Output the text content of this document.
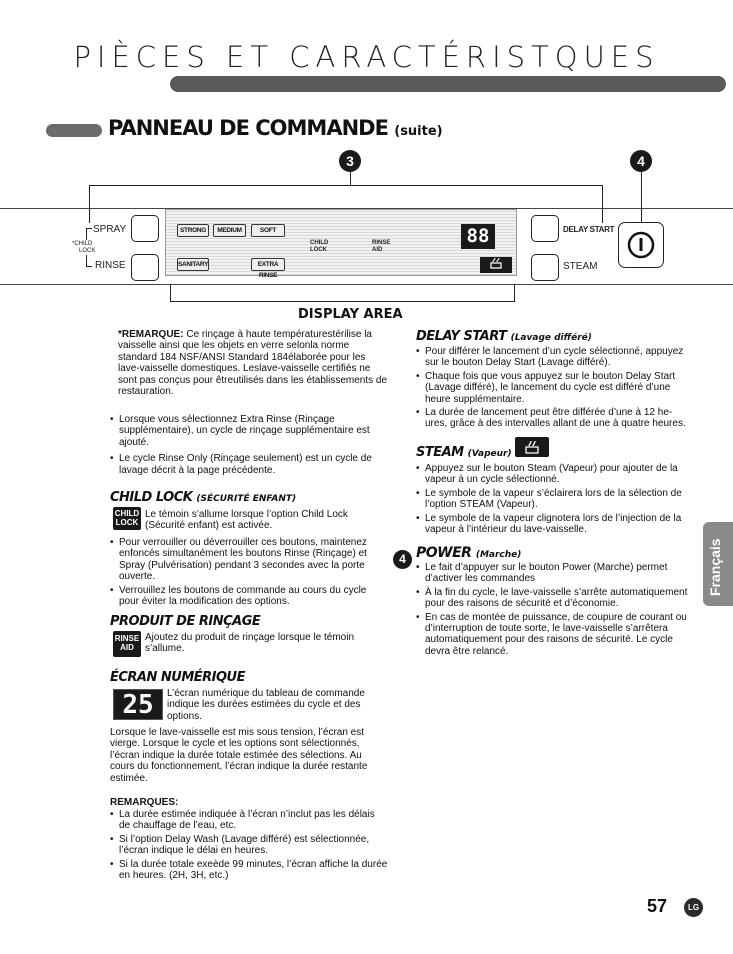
PIÈCES ET CARACTÉRISTQUES
PANNEAU DE COMMANDE (suite)
3	4
DISPLAY AREA
SPRAY
RINSE
*CHILD
LOCK
STRONG	MEDIUM	SOFT
SANITARY	EXTRA RINSE
CHILD LOCK
RINSE AID
88	DELAY START
STEAM
*REMARQUE: Ce rinçage à haute températurestérilise la vaisselle ainsi que les objets en verre selonla norme standard 184 NSF/ANSI Standard 184élaborée pour les lave-vaisselle domestiques. Leslave-vaisselle certifiés ne sont pas conçus pour êtreutilisés dans les établissements de restauration.
• Lorsque vous sélectionnez Extra Rinse (Rinçage supplémentaire), un cycle de rinçage supplémentaire est ajouté.
• Le cycle Rinse Only (Rinçage seulement) est un cycle de lavage décrit à la page précédente.
CHILD LOCK (SÉCURITÉ ENFANT)
CHILD LOCK
Le témoin s’allume lorsque l’option Child Lock (Sécurité enfant) est activée.
• Pour verrouiller ou déverrouiller ces boutons, maintenez enfoncés simultanément les boutons Rinse (Rinçage) et Spray (Pulvérisation) pendant 3 secondes avec la porte ouverte.
• Verrouillez les boutons de commande au cours du cycle pour éviter la modification des options.
PRODUIT DE RINÇAGE
RINSE AID
Ajoutez du produit de rinçage lorsque le témoin s’allume.
ÉCRAN NUMÉRIQUE
25	L’écran numérique du tableau de commande indique les durées estimées du cycle et des options.
Lorsque le lave-vaisselle est mis sous tension, l’écran est vierge. Lorsque le cycle et les options sont sélectionnés, l’écran indique la durée totale estimée des sélections. Au cours du fonctionnement, l’écran indique la durée restante estimée.
REMARQUES:
• La durée estimée indiquée à l’écran n’inclut pas les délais de chauffage de l’eau, etc.
• Si l’option Delay Wash (Lavage différé) est sélectionnée, l’écran indique le délai en heures.
• Si la durée totale exeède 99 minutes, l’écran affiche la durée en heures. (2H, 3H, etc.)
DELAY START (Lavage différé)
• Pour différer le lancement d’un cycle sélectionné, appuyez sur le bouton Delay Start (Lavage différé).
• Chaque fois que vous appuyez sur le bouton Delay Start (Lavage différé), le lancement du cycle est différé d’une heure supplémentaire.
• La durée de lancement peut être différée d’une à 12 he-ures, grâce à des intervalles allant de une à quatre heures.
STEAM (Vapeur)
• Appuyez sur le bouton Steam (Vapeur) pour ajouter de la vapeur à un cycle sélectionné.
• Le symbole de la vapeur s’éclairera lors de la sélection de l’option STEAM (Vapeur).
• Le symbole de la vapeur clignotera lors de l’injection de la vapeur à l’intérieur du lave-vaisselle.
4 POWER (Marche)
• Le fait d’appuyer sur le bouton Power (Marche) permet d’activer les commandes
• À la fin du cycle, le lave-vaisselle s’arrête automatiquement pour des raisons de sécurité et d’économie.
• En cas de montée de puissance, de coupure de courant ou d’interruption de toute sorte, le lave-vaisselle s’arrêtera automatiquement pour des raisons de sécurité. Le cycle devra être relancé.
Français
57	LG
